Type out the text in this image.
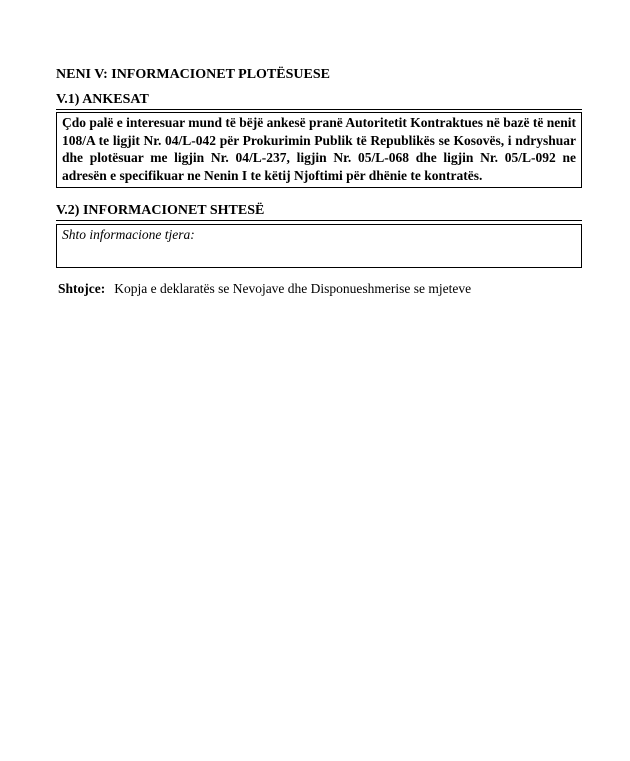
NENI V: INFORMACIONET PLOTËSUESE
V.1) ANKESAT

Çdo palë e interesuar mund të bëjë ankesë pranë Autoritetit Kontraktues në bazë të nenit 108/A te ligjit Nr. 04/L-042 për Prokurimin Publik të Republikës se Kosovës, i ndryshuar dhe plotësuar me ligjin Nr. 04/L-237, ligjin Nr. 05/L-068 dhe ligjin Nr. 05/L-092 ne adresën e specifikuar ne Nenin I te këtij Njoftimi për dhënie te kontratës.

V.2) INFORMACIONET SHTESË

Shto informacione tjera:

Shtojce: Kopja e deklaratës se Nevojave dhe Disponueshmerise se mjeteve
